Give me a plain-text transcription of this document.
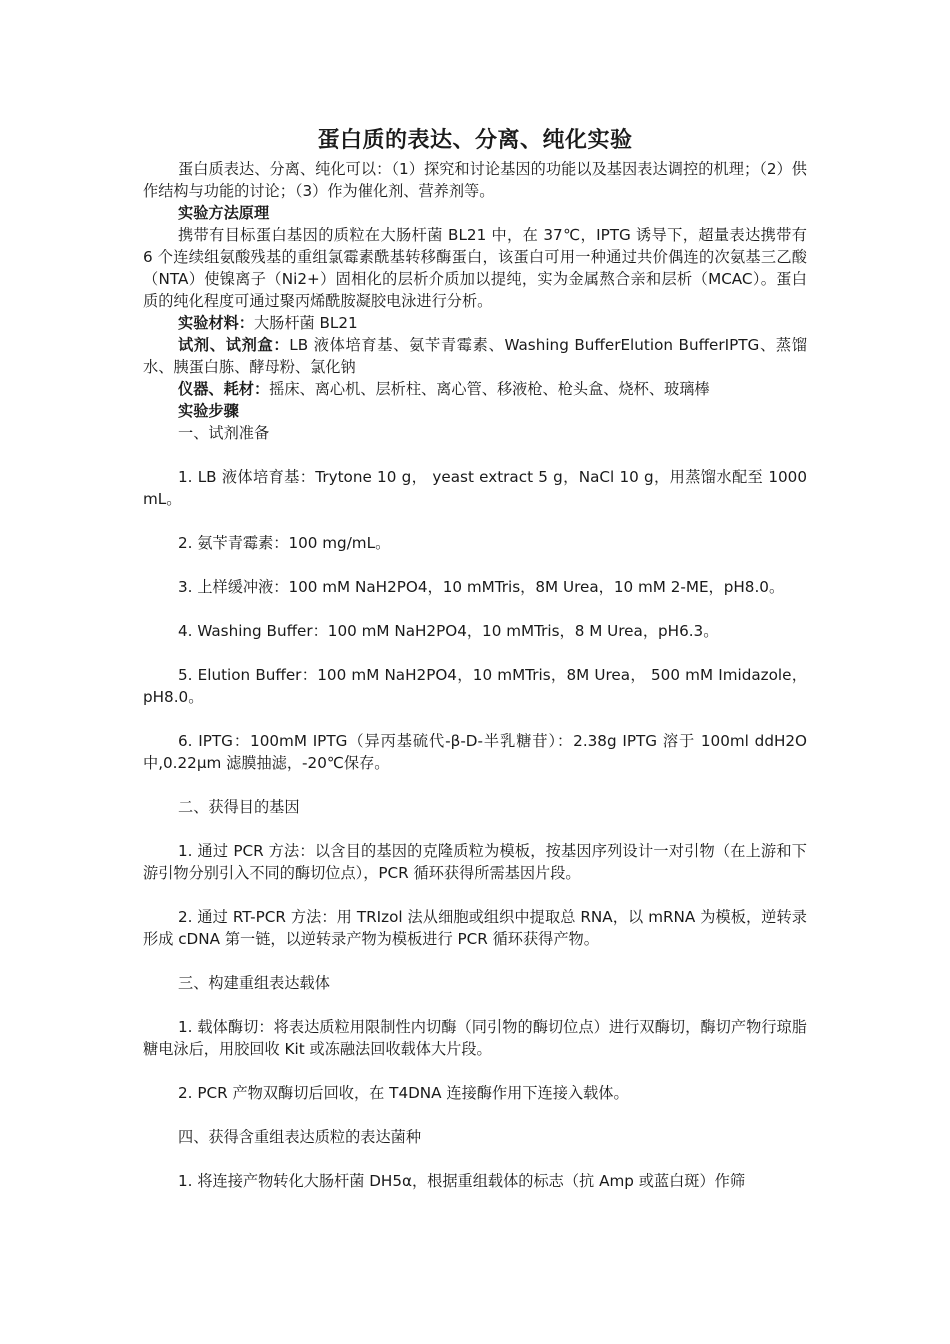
蛋白质的表达、分离、纯化实验

蛋白质表达、分离、纯化可以：（1）探究和讨论基因的功能以及基因表达调控的机理；（2）供作结构与功能的讨论；（3）作为催化剂、营养剂等。

实验方法原理

携带有目标蛋白基因的质粒在大肠杆菌 BL21 中，在 37℃，IPTG 诱导下，超量表达携带有 6 个连续组氨酸残基的重组氯霉素酰基转移酶蛋白，该蛋白可用一种通过共价偶连的次氨基三乙酸（NTA）使镍离子（Ni2+）固相化的层析介质加以提纯，实为金属熬合亲和层析（MCAC）。蛋白质的纯化程度可通过聚丙烯酰胺凝胶电泳进行分析。

实验材料：大肠杆菌 BL21

试剂、试剂盒：LB 液体培育基、氨苄青霉素、Washing BufferElution BufferIPTG、蒸馏水、胰蛋白胨、酵母粉、氯化钠

仪器、耗材：摇床、离心机、层析柱、离心管、移液枪、枪头盒、烧杯、玻璃棒

实验步骤

一、试剂准备

1. LB 液体培育基：Trytone 10 g， yeast extract 5 g，NaCl 10 g，用蒸馏水配至 1000 mL。

2. 氨苄青霉素：100 mg/mL。

3. 上样缓冲液：100 mM NaH2PO4，10 mMTris，8M Urea，10 mM 2-ME，pH8.0。

4. Washing Buffer：100 mM NaH2PO4，10 mMTris，8 M Urea，pH6.3。

5. Elution Buffer：100 mM NaH2PO4，10 mMTris，8M Urea， 500 mM Imidazole， pH8.0。

6. IPTG：100mM IPTG（异丙基硫代-β-D-半乳糖苷）：2.38g IPTG 溶于 100ml ddH2O 中,0.22μm 滤膜抽滤，-20℃保存。

二、获得目的基因

1. 通过 PCR 方法：以含目的基因的克隆质粒为模板，按基因序列设计一对引物（在上游和下游引物分别引入不同的酶切位点），PCR 循环获得所需基因片段。

2. 通过 RT-PCR 方法：用 TRIzol 法从细胞或组织中提取总 RNA，以 mRNA 为模板，逆转录形成 cDNA 第一链，以逆转录产物为模板进行 PCR 循环获得产物。

三、构建重组表达载体

1. 载体酶切：将表达质粒用限制性内切酶（同引物的酶切位点）进行双酶切，酶切产物行琼脂糖电泳后，用胶回收 Kit 或冻融法回收载体大片段。

2. PCR 产物双酶切后回收，在 T4DNA 连接酶作用下连接入载体。

四、获得含重组表达质粒的表达菌种

1. 将连接产物转化大肠杆菌 DH5α，根据重组载体的标志（抗 Amp 或蓝白斑）作筛
